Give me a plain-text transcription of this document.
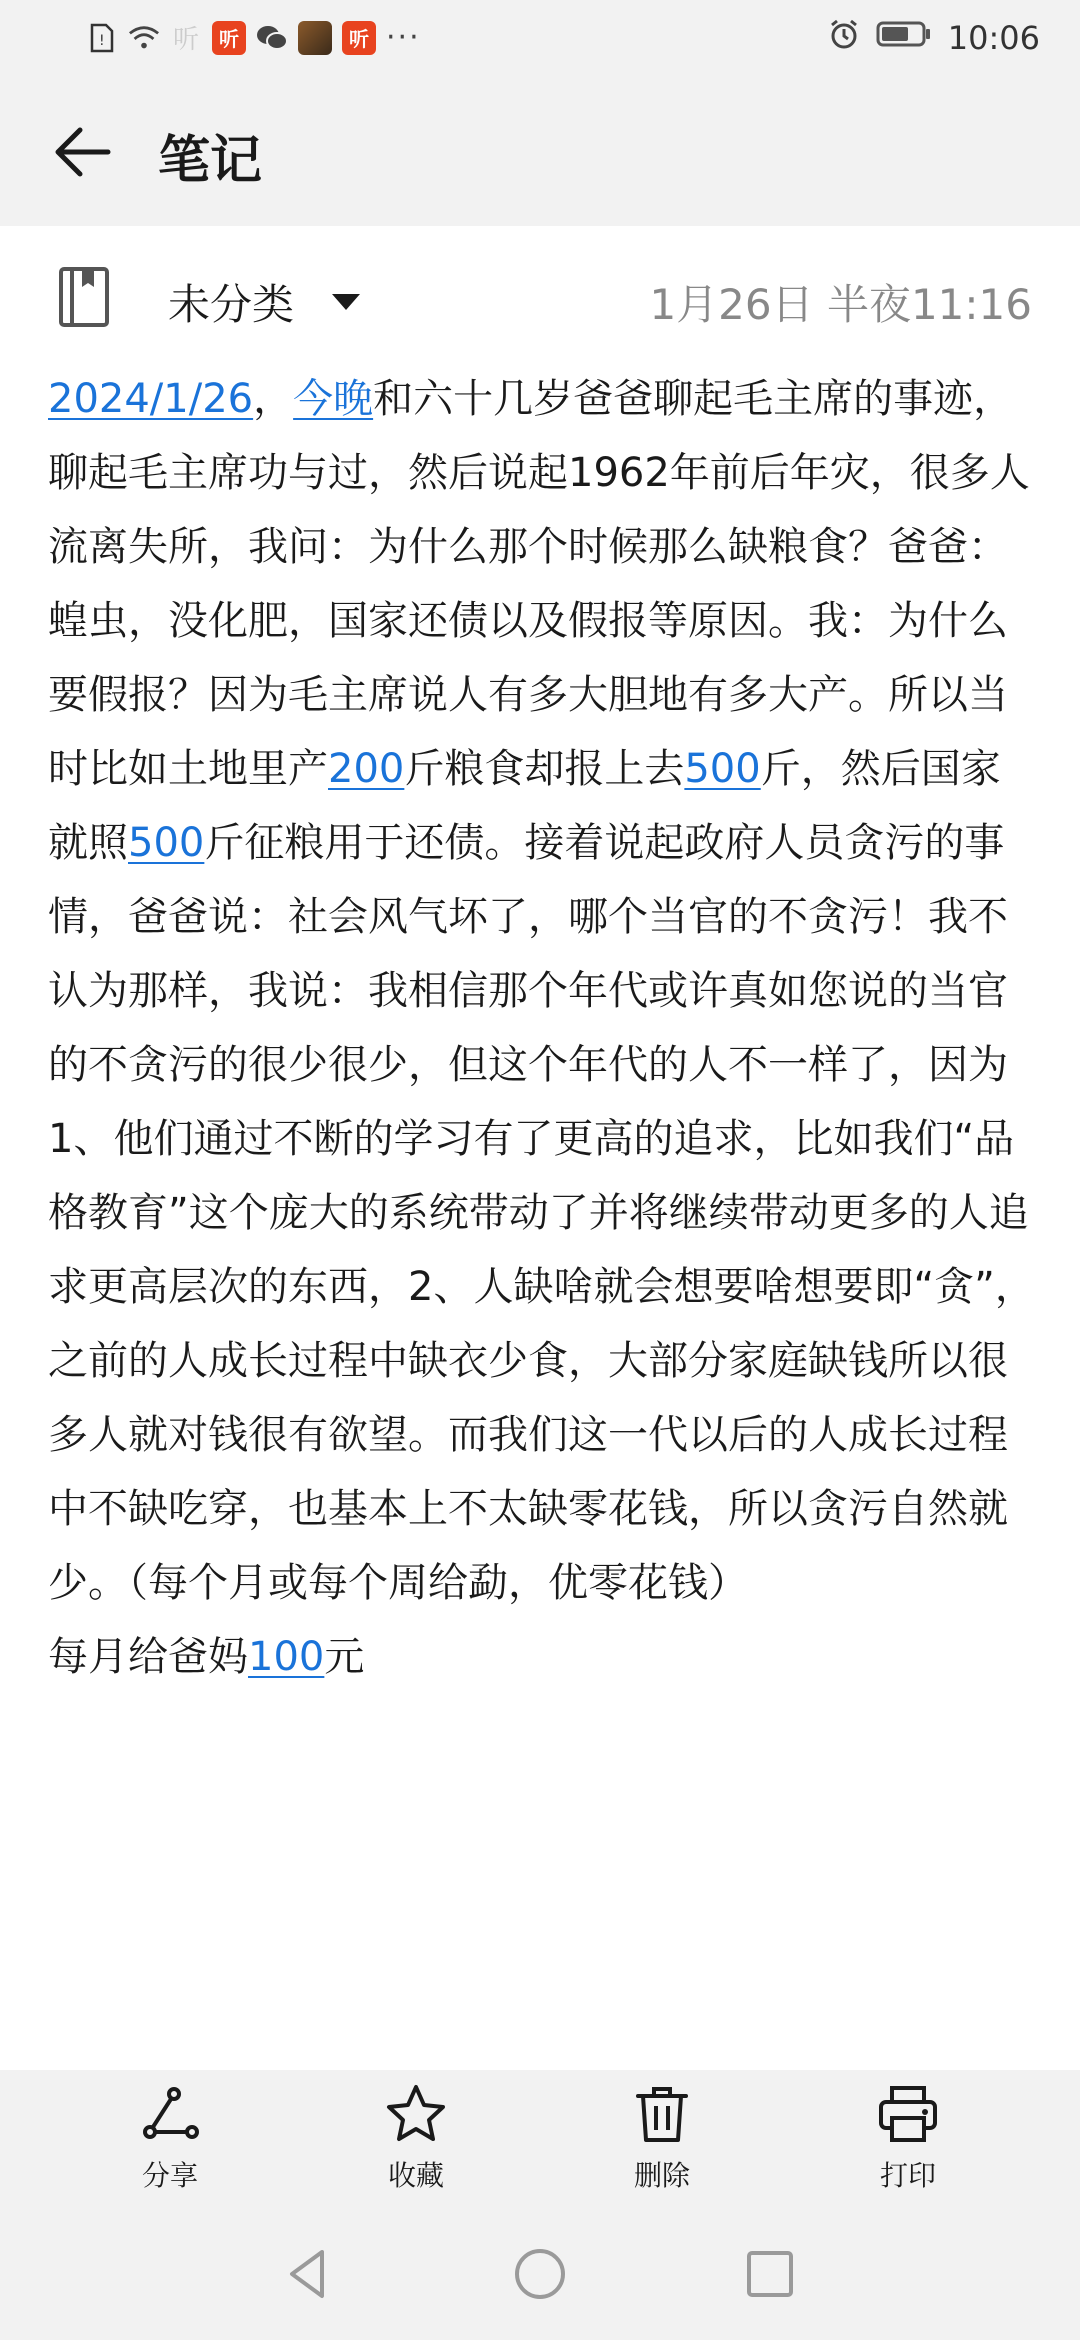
!	听	听	听 ···	10:06
笔记
未分类	1月26日 半夜11:16
2024/1/26，今晚和六十几岁爸爸聊起毛主席的事迹，聊起毛主席功与过，然后说起1962年前后年灾，很多人流离失所，我问：为什么那个时候那么缺粮食？爸爸：蝗虫，没化肥，国家还债以及假报等原因。我：为什么要假报？因为毛主席说人有多大胆地有多大产。所以当时比如土地里产200斤粮食却报上去500斤，然后国家就照500斤征粮用于还债。接着说起政府人员贪污的事情，爸爸说：社会风气坏了，哪个当官的不贪污！我不认为那样，我说：我相信那个年代或许真如您说的当官的不贪污的很少很少，但这个年代的人不一样了，因为1、他们通过不断的学习有了更高的追求，比如我们“品格教育”这个庞大的系统带动了并将继续带动更多的人追求更高层次的东西，2、人缺啥就会想要啥想要即“贪”，之前的人成长过程中缺衣少食，大部分家庭缺钱所以很多人就对钱很有欲望。而我们这一代以后的人成长过程中不缺吃穿，也基本上不太缺零花钱，所以贪污自然就少。（每个月或每个周给勐，优零花钱）
每月给爸妈100元
分享	收藏	删除	打印
